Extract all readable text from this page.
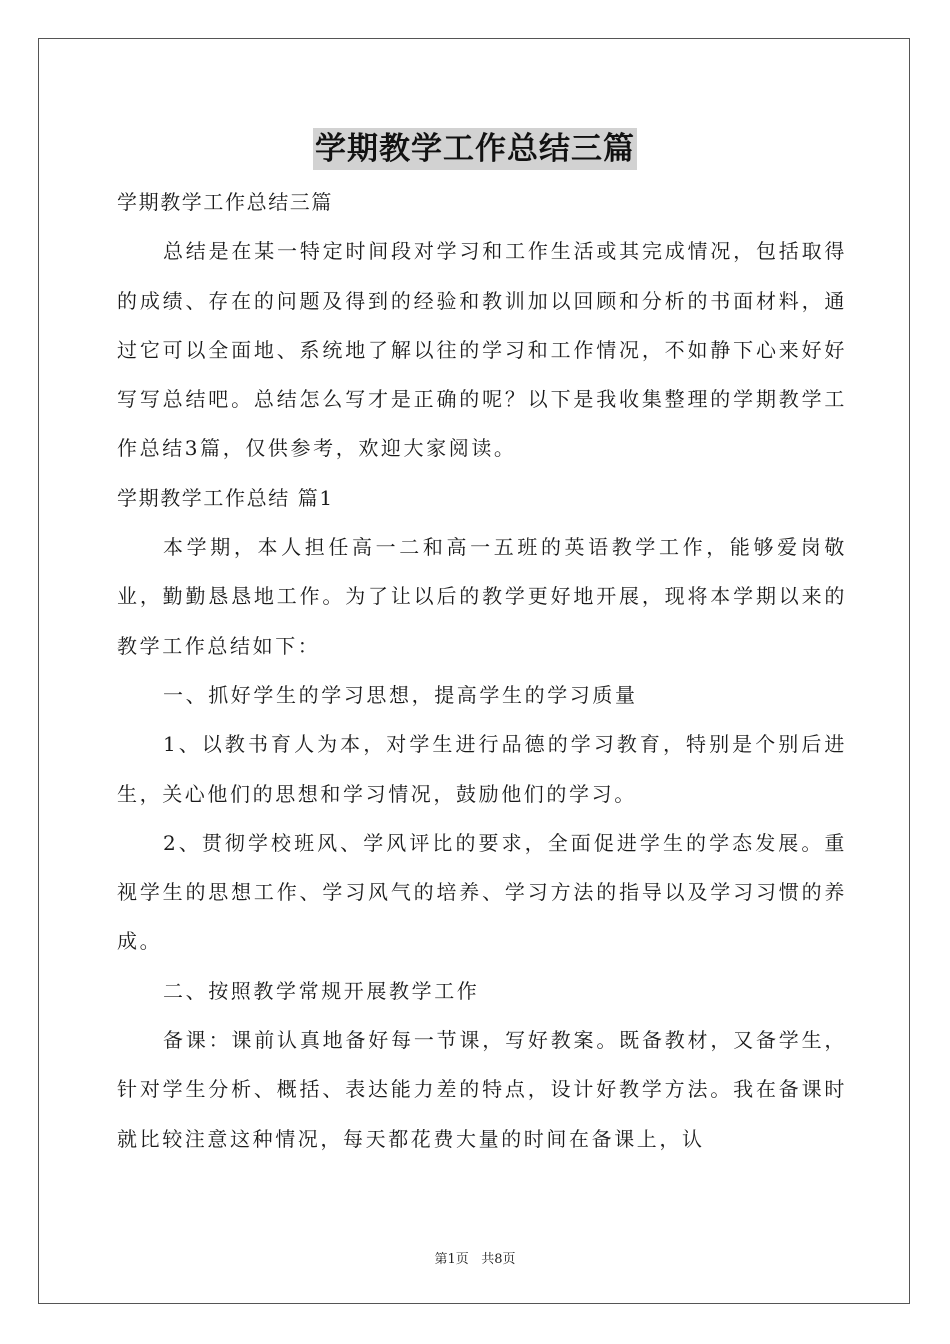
学期教学工作总结三篇

学期教学工作总结三篇

总结是在某一特定时间段对学习和工作生活或其完成情况，包括取得的成绩、存在的问题及得到的经验和教训加以回顾和分析的书面材料，通过它可以全面地、系统地了解以往的学习和工作情况，不如静下心来好好写写总结吧。总结怎么写才是正确的呢？以下是我收集整理的学期教学工作总结3篇，仅供参考，欢迎大家阅读。

学期教学工作总结 篇1

本学期，本人担任高一二和高一五班的英语教学工作，能够爱岗敬业，勤勤恳恳地工作。为了让以后的教学更好地开展，现将本学期以来的教学工作总结如下：

一、抓好学生的学习思想，提高学生的学习质量

1、以教书育人为本，对学生进行品德的学习教育，特别是个别后进生，关心他们的思想和学习情况，鼓励他们的学习。

2、贯彻学校班风、学风评比的要求，全面促进学生的学态发展。重视学生的思想工作、学习风气的培养、学习方法的指导以及学习习惯的养成。

二、按照教学常规开展教学工作

备课：课前认真地备好每一节课，写好教案。既备教材，又备学生，针对学生分析、概括、表达能力差的特点，设计好教学方法。我在备课时就比较注意这种情况，每天都花费大量的时间在备课上，认

第1页 共8页
